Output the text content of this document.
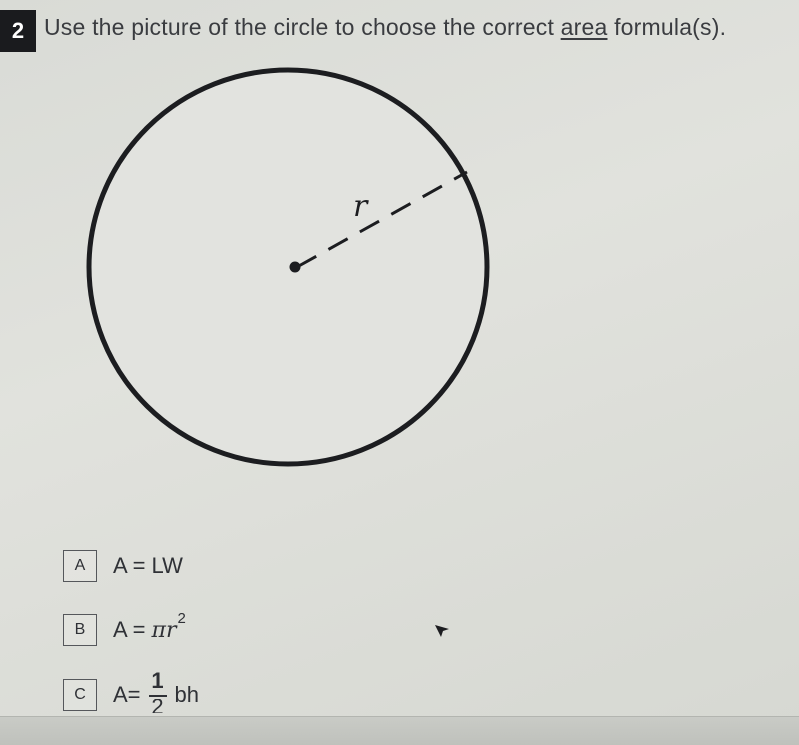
2 Use the picture of the circle to choose the correct area formula(s).
r
A	A = LW
B	A = πr 2
C	$A= \frac{1}{2}$ bh
